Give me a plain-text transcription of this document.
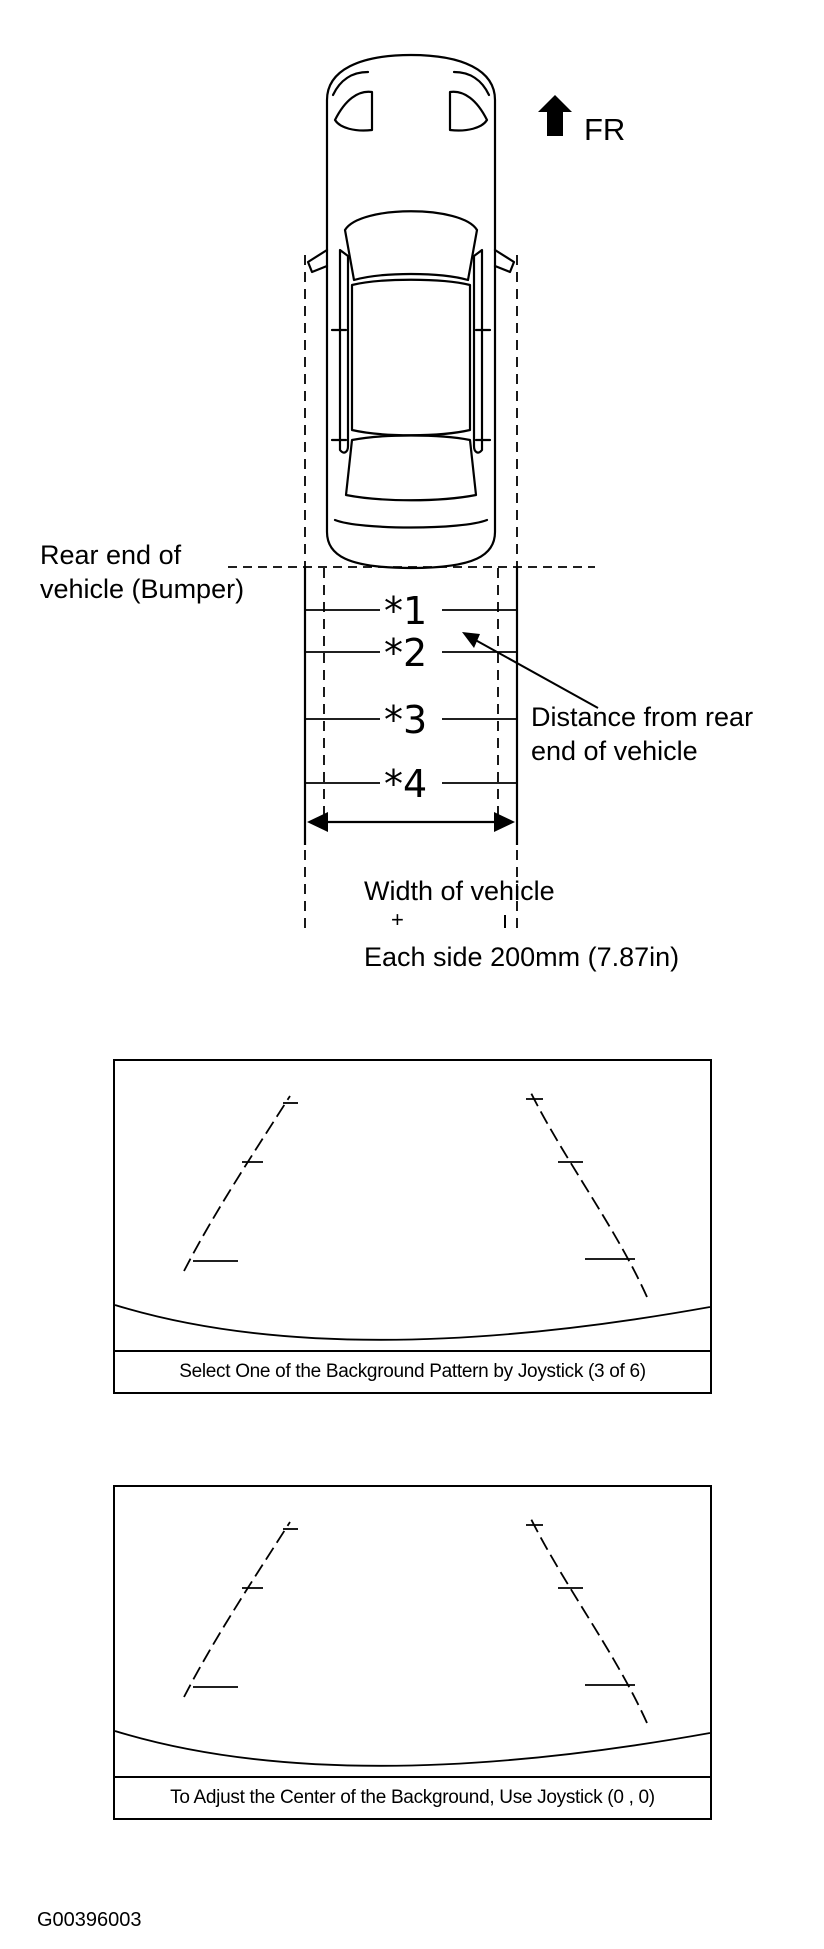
FR
Rear end of
vehicle (Bumper)	*1
*2
*3
*4
Distance from rear
end of vehicle
Width of vehicle
+
Each side 200mm (7.87in)
Select One of the Background Pattern by Joystick (3 of 6)
To Adjust the Center of the Background, Use Joystick (0 , 0)
G00396003
